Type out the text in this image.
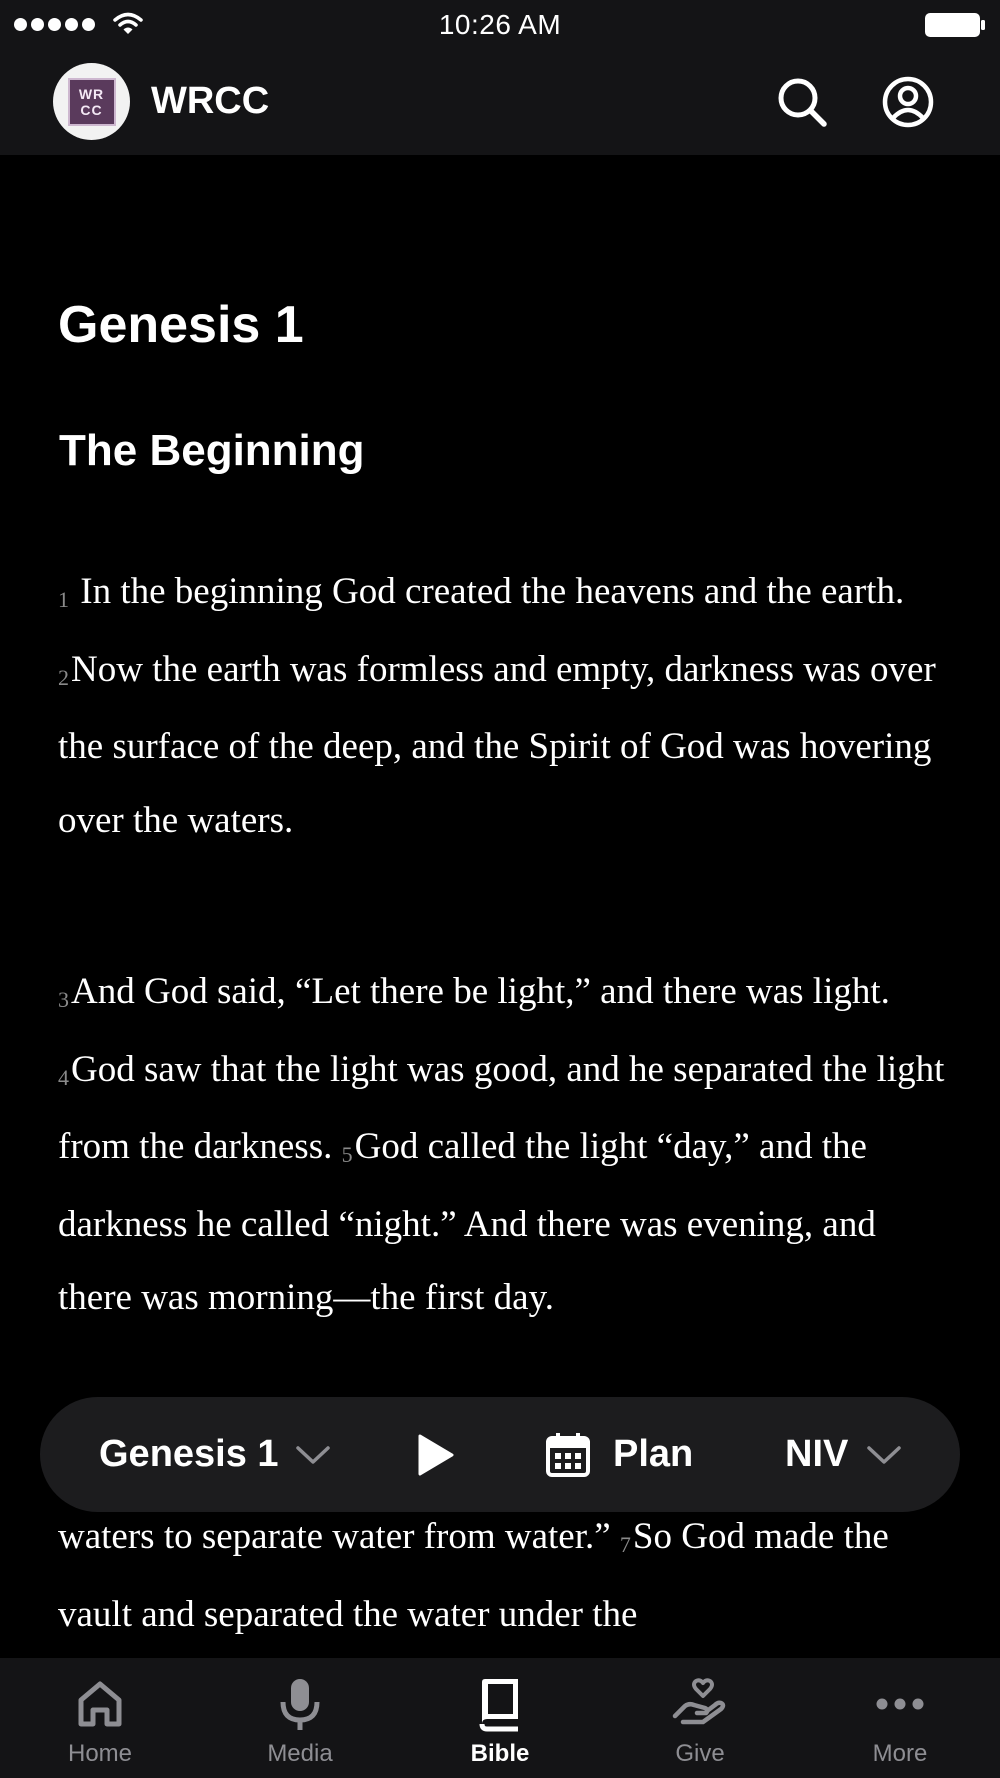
10:26 AM
WR
CC WRCC
Genesis 1
The Beginning

$^1$ In the beginning God created the heavens and the earth. $^2$Now the earth was formless and empty, darkness was over the surface of the deep, and the Spirit of God was hovering over the waters.

$^3$And God said, “Let there be light,” and there was light. $^4$God saw that the light was good, and he separated the light from the darkness. $^5$God called the light “day,” and the darkness he called “night.” And there was evening, and there was morning—the first day.

waters to separate water from water.” $^7$So God made the vault and separated the water under the

Genesis 1	Plan NIV
Home	Media	Bible	Give	More
